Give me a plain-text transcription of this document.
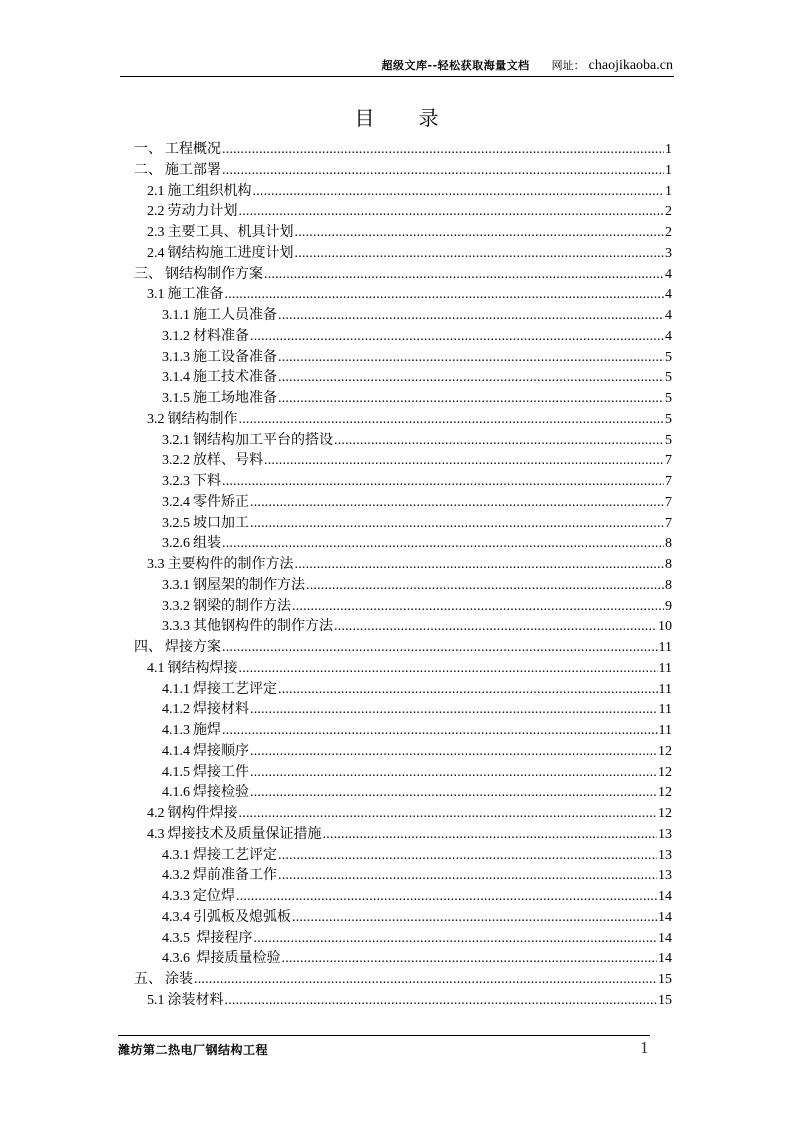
超级文库--轻松获取海量文档 网址： chaojikaoba.cn
目 录
一、 工程概况 .....	1
二、 施工部署 .....	1
2.1 施工组织机构 .....	1
2.2 劳动力计划 .....	2
2.3 主要工具、机具计划 .....	2
2.4 钢结构施工进度计划 .....	3
三、 钢结构制作方案 .....	4
3.1 施工准备 .....	4
3.1.1 施工人员准备 .....	4
3.1.2 材料准备 .....	4
3.1.3 施工设备准备 .....	5
3.1.4 施工技术准备 .....	5
3.1.5 施工场地准备 .....	5
3.2 钢结构制作 .....	5
3.2.1 钢结构加工平台的搭设 .....	5
3.2.2 放样、号料 .....	7
3.2.3 下料 .....	7
3.2.4 零件矫正 .....	7
3.2.5 坡口加工 .....	7
3.2.6 组装 .....	8
3.3 主要构件的制作方法 .....	8
3.3.1 钢屋架的制作方法 .....	8
3.3.2 钢梁的制作方法 .....	9
3.3.3 其他钢构件的制作方法 .....	10
四、 焊接方案 .....	11
4.1 钢结构焊接 .....	11
4.1.1 焊接工艺评定 .....	11
4.1.2 焊接材料 .....	11
4.1.3 施焊 .....	11
4.1.4 焊接顺序 .....	12
4.1.5 焊接工件 .....	12
4.1.6 焊接检验 .....	12
4.2 钢构件焊接 .....	12
4.3 焊接技术及质量保证措施 .....	13
4.3.1 焊接工艺评定 .....	13
4.3.2 焊前准备工作 .....	13
4.3.3 定位焊 .....	14
4.3.4 引弧板及熄弧板 .....	14
4.3.5 焊接程序 .....	14
4.3.6 焊接质量检验 .....	14
五、 涂装 .....	15
5.1 涂装材料 .....	15
潍坊第二热电厂钢结构工程	1
